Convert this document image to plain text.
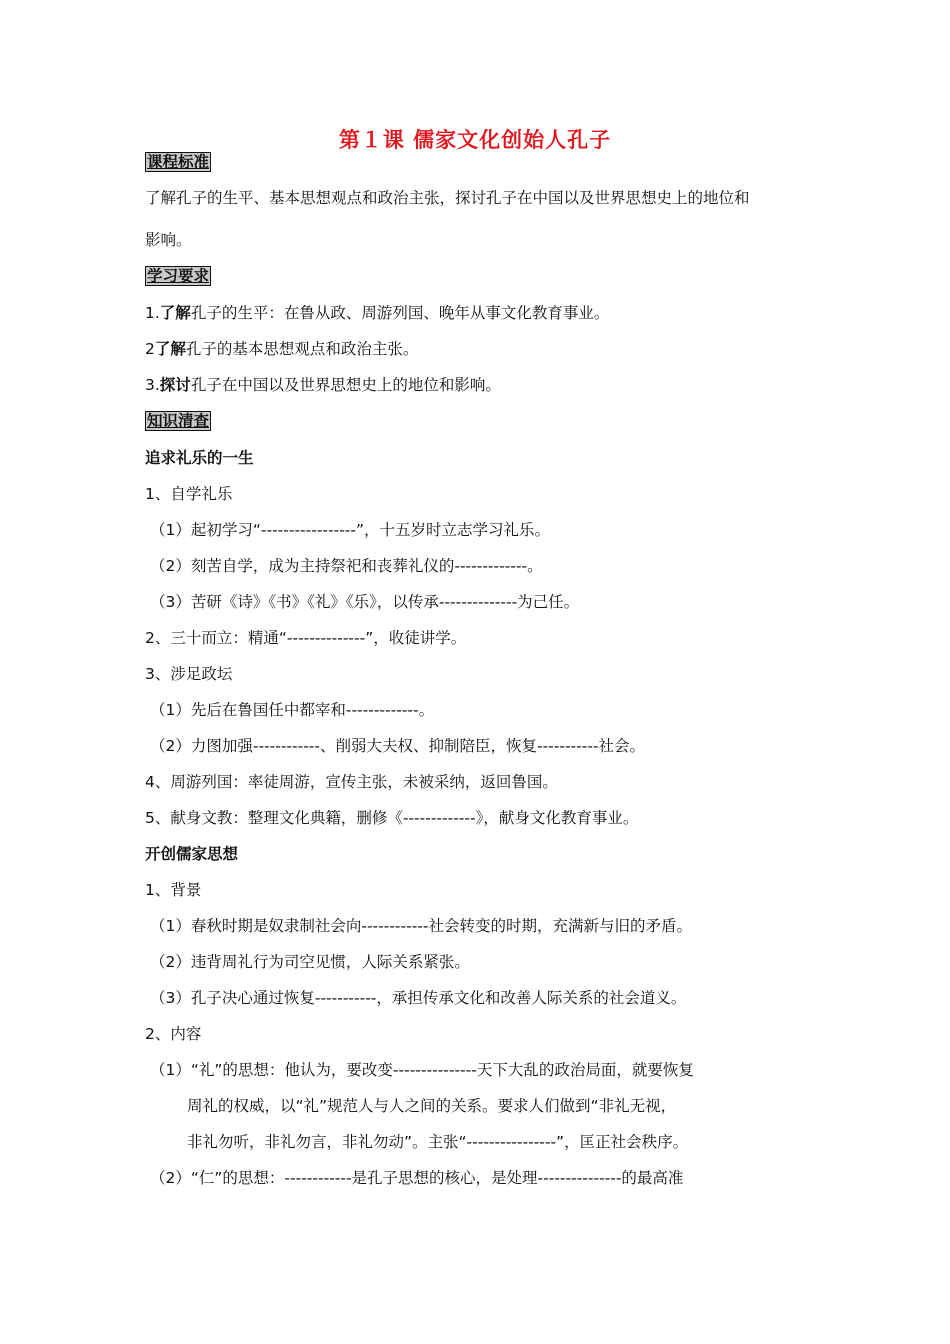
第１课 儒家文化创始人孔子
课程标准
了解孔子的生平、基本思想观点和政治主张，探讨孔子在中国以及世界思想史上的地位和
影响。
学习要求
1.了解孔子的生平：在鲁从政、周游列国、晚年从事文化教育事业。
2了解孔子的基本思想观点和政治主张。
3.探讨孔子在中国以及世界思想史上的地位和影响。
知识清查
追求礼乐的一生
1、自学礼乐
（1）起初学习“-----------------”，十五岁时立志学习礼乐。
（2）刻苦自学，成为主持祭祀和丧葬礼仪的-------------。
（3）苦研《诗》《书》《礼》《乐》，以传承--------------为己任。
2、三十而立：精通“--------------”，收徒讲学。
3、涉足政坛
（1）先后在鲁国任中都宰和-------------。
（2）力图加强------------、削弱大夫权、抑制陪臣，恢复-----------社会。
4、周游列国：率徒周游，宣传主张，未被采纳，返回鲁国。
5、献身文教：整理文化典籍，删修《-------------》，献身文化教育事业。
开创儒家思想
1、背景
（1）春秋时期是奴隶制社会向------------社会转变的时期，充满新与旧的矛盾。
（2）违背周礼行为司空见惯，人际关系紧张。
（3）孔子决心通过恢复-----------，承担传承文化和改善人际关系的社会道义。
2、内容
（1）“礼”的思想：他认为，要改变---------------天下大乱的政治局面，就要恢复
周礼的权威，以“礼”规范人与人之间的关系。要求人们做到“非礼无视，
非礼勿听，非礼勿言，非礼勿动”。主张“----------------”，匡正社会秩序。
（2）“仁”的思想：------------是孔子思想的核心，是处理---------------的最高准
